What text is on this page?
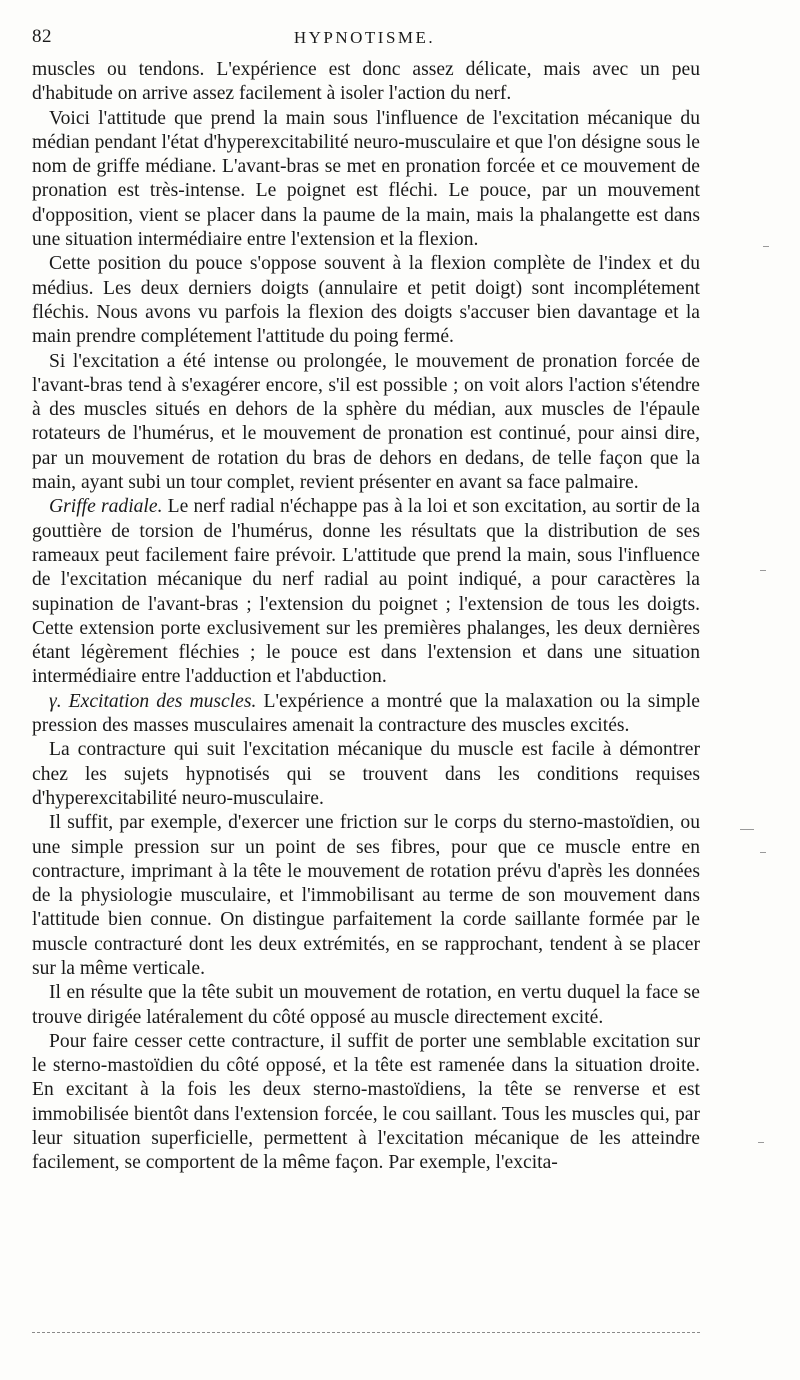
82	HYPNOTISME.

muscles ou tendons. L'expérience est donc assez délicate, mais avec un peu d'habitude on arrive assez facilement à isoler l'action du nerf.

Voici l'attitude que prend la main sous l'influence de l'excitation mécanique du médian pendant l'état d'hyperexcitabilité neuro-musculaire et que l'on désigne sous le nom de griffe médiane. L'avant-bras se met en pronation forcée et ce mouvement de pronation est très-intense. Le poignet est fléchi. Le pouce, par un mouvement d'opposition, vient se placer dans la paume de la main, mais la phalangette est dans une situation intermédiaire entre l'extension et la flexion.

Cette position du pouce s'oppose souvent à la flexion complète de l'index et du médius. Les deux derniers doigts (annulaire et petit doigt) sont incomplétement fléchis. Nous avons vu parfois la flexion des doigts s'accuser bien davantage et la main prendre complétement l'attitude du poing fermé.

Si l'excitation a été intense ou prolongée, le mouvement de pronation forcée de l'avant-bras tend à s'exagérer encore, s'il est possible ; on voit alors l'action s'étendre à des muscles situés en dehors de la sphère du médian, aux muscles de l'épaule rotateurs de l'humérus, et le mouvement de pronation est continué, pour ainsi dire, par un mouvement de rotation du bras de dehors en dedans, de telle façon que la main, ayant subi un tour complet, revient présenter en avant sa face palmaire.

Griffe radiale. Le nerf radial n'échappe pas à la loi et son excitation, au sortir de la gouttière de torsion de l'humérus, donne les résultats que la distribution de ses rameaux peut facilement faire prévoir. L'attitude que prend la main, sous l'influence de l'excitation mécanique du nerf radial au point indiqué, a pour caractères la supination de l'avant-bras ; l'extension du poignet ; l'extension de tous les doigts. Cette extension porte exclusivement sur les premières phalanges, les deux dernières étant légèrement fléchies ; le pouce est dans l'extension et dans une situation intermédiaire entre l'adduction et l'abduction.

γ. Excitation des muscles. L'expérience a montré que la malaxation ou la simple pression des masses musculaires amenait la contracture des muscles excités.

La contracture qui suit l'excitation mécanique du muscle est facile à démontrer chez les sujets hypnotisés qui se trouvent dans les conditions requises d'hyperexcitabilité neuro-musculaire.

Il suffit, par exemple, d'exercer une friction sur le corps du sterno-mastoïdien, ou une simple pression sur un point de ses fibres, pour que ce muscle entre en contracture, imprimant à la tête le mouvement de rotation prévu d'après les données de la physiologie musculaire, et l'immobilisant au terme de son mouvement dans l'attitude bien connue. On distingue parfaitement la corde saillante formée par le muscle contracturé dont les deux extrémités, en se rapprochant, tendent à se placer sur la même verticale.

Il en résulte que la tête subit un mouvement de rotation, en vertu duquel la face se trouve dirigée latéralement du côté opposé au muscle directement excité.

Pour faire cesser cette contracture, il suffit de porter une semblable excitation sur le sterno-mastoïdien du côté opposé, et la tête est ramenée dans la situation droite. En excitant à la fois les deux sterno-mastoïdiens, la tête se renverse et est immobilisée bientôt dans l'extension forcée, le cou saillant. Tous les muscles qui, par leur situation superficielle, permettent à l'excitation mécanique de les atteindre facilement, se comportent de la même façon. Par exemple, l'excita-
